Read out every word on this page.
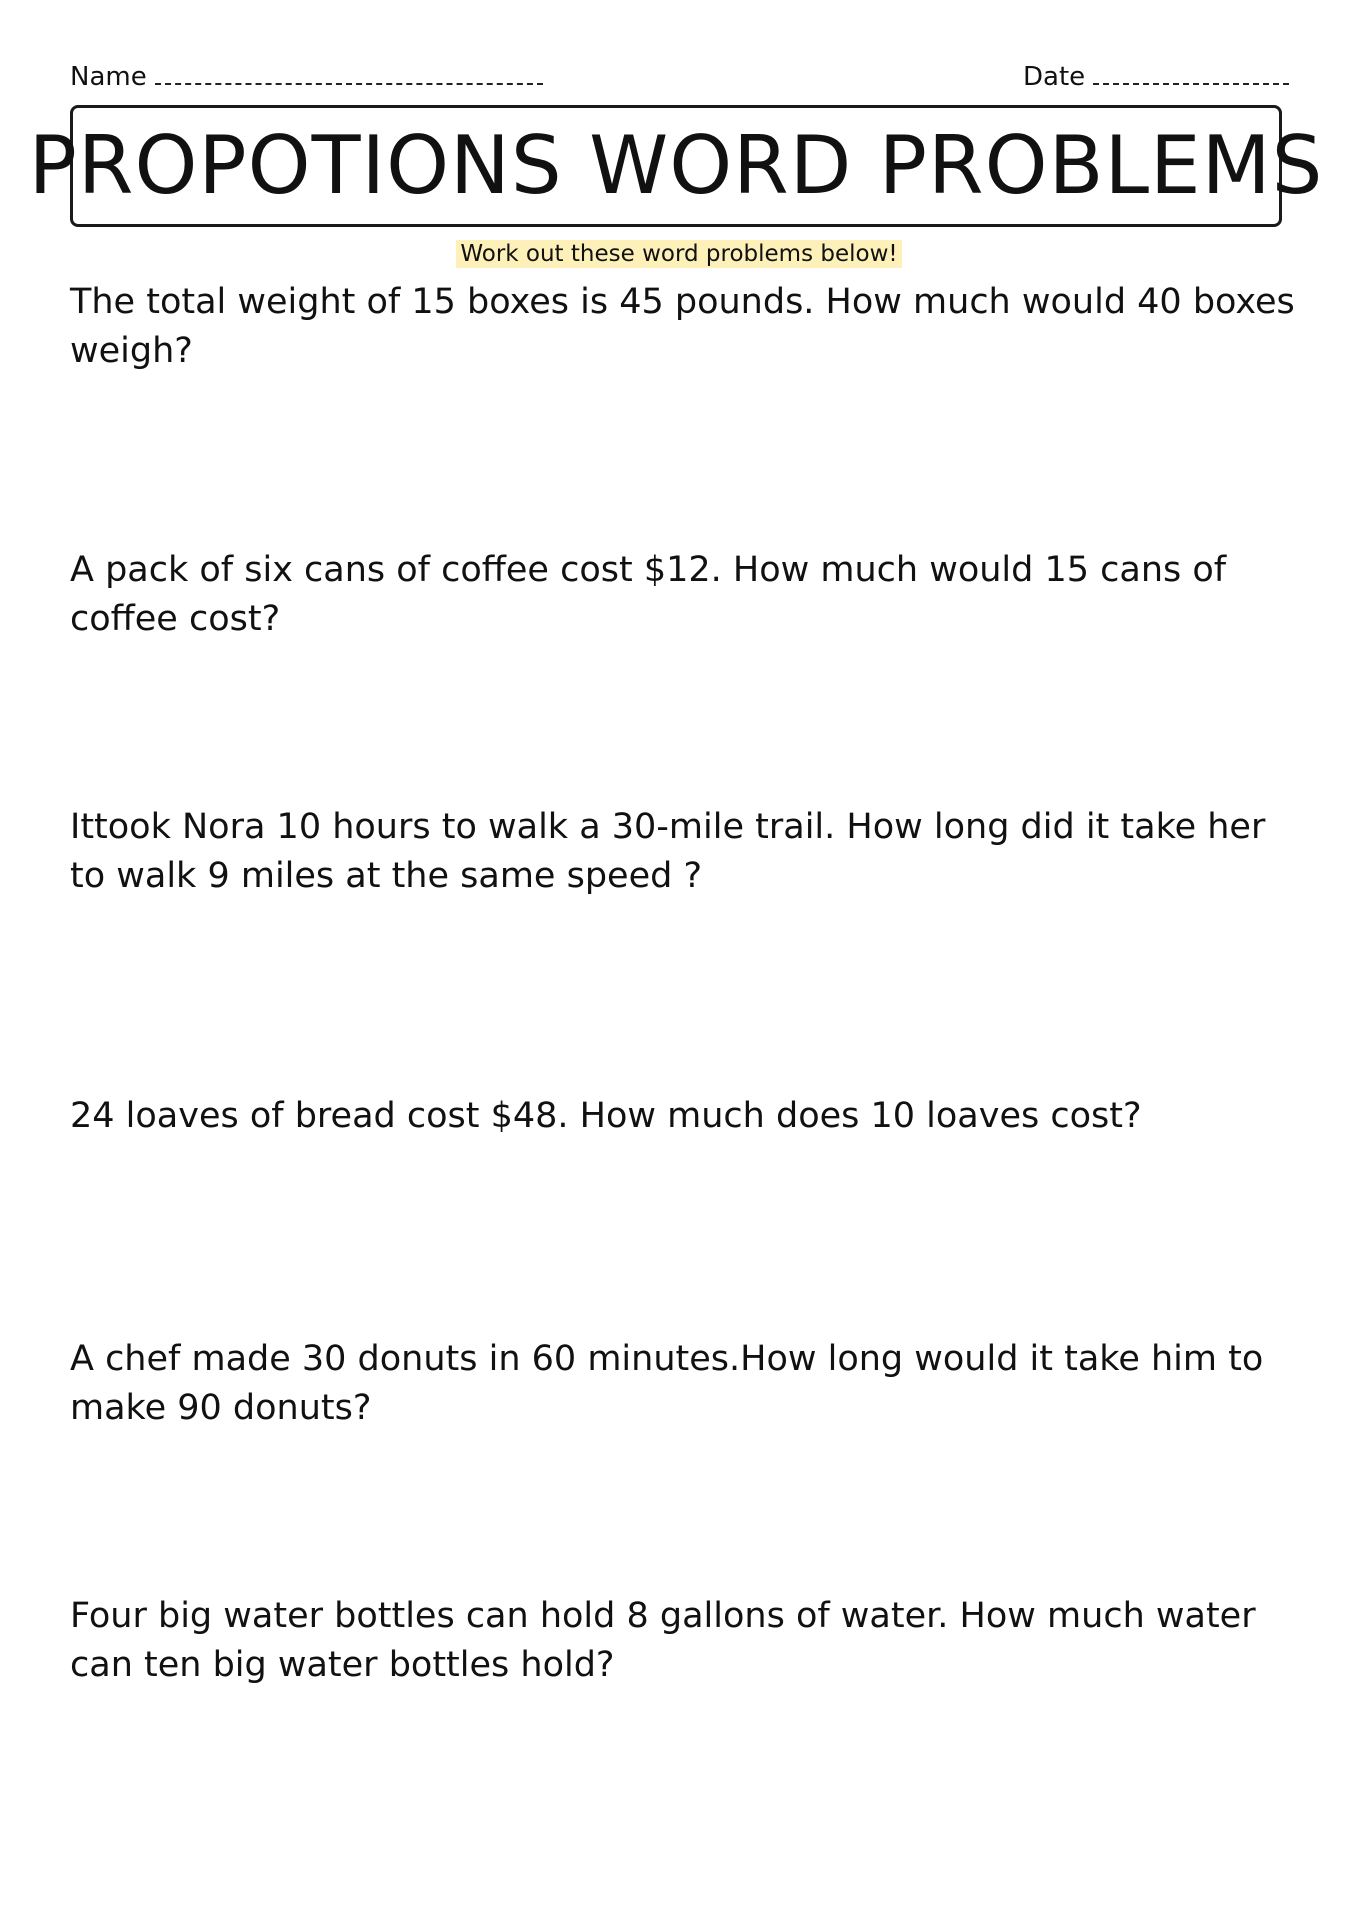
Name	Date
PROPOTIONS WORD PROBLEMS
Work out these word problems below!
The total weight of 15 boxes is 45 pounds. How much would 40 boxes weigh?
A pack of six cans of coffee cost $12. How much would 15 cans of coffee cost?
Ittook Nora 10 hours to walk a 30-mile trail. How long did it take her to walk 9 miles at the same speed ?
24 loaves of bread cost $48. How much does 10 loaves cost?
A chef made 30 donuts in 60 minutes.How long would it take him to make 90 donuts?
Four big water bottles can hold 8 gallons of water. How much water can ten big water bottles hold?
